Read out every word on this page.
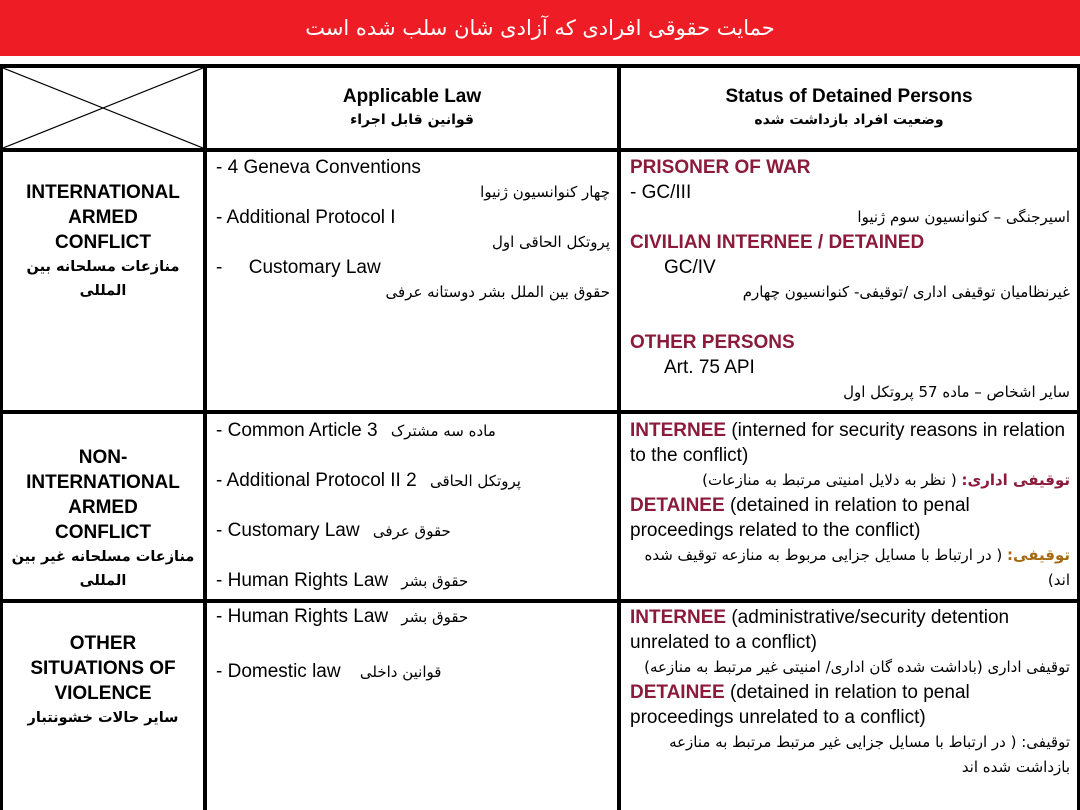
حمایت حقوقی افرادی که آزادی شان سلب شده است
Applicable Law
قوانین قابل اجراء
Status of Detained Persons
وضعیت افراد بازداشت شده
INTERNATIONAL
ARMED
CONFLICT
منازعات مسلحانه بین
المللی
- 4 Geneva Conventions
چهار کنوانسیون ژنیوا
- Additional Protocol I
پروتکل الحاقی اول
-     Customary Law
حقوق بین الملل بشر دوستانه عرفی
PRISONER OF WAR
- GC/III
اسیرجنگی – کنوانسیون سوم ژنیوا
CIVILIAN INTERNEE / DETAINED
GC/IV
غیرنظامیان توقیفی اداری /توقیفی- کنوانسیون چهارم
OTHER PERSONS
Art. 75 API
سایر اشخاص – ماده 57 پروتکل اول
NON-
INTERNATIONAL
ARMED
CONFLICT
منازعات مسلحانه غیر بین
المللی
- Common Article 3 ماده سه مشترک
- Additional Protocol II 2 پروتکل الحاقی
- Customary Law حقوق عرفی
- Human Rights Law حقوق بشر
INTERNEE (interned for security reasons in relation to the conflict)
توقیفی اداری: ( نظر به دلایل امنیتی مرتبط به منازعات)
DETAINEE (detained in relation to penal proceedings related to the conflict)
توقیفی: ( در ارتباط با مسایل جزایی مربوط به منازعه توقیف شده اند)
OTHER
SITUATIONS OF
VIOLENCE
سایر حالات خشونتبار
- Human Rights Law حقوق بشر
- Domestic law قوانین داخلی
INTERNEE (administrative/security detention unrelated to a conflict)
توقیفی اداری (باداشت شده گان اداری/ امنیتی غیر مرتبط به منازعه)
DETAINEE (detained in relation to penal proceedings unrelated to a conflict)
توقیفی: ( در ارتباط با مسایل جزایی غیر مرتبط مرتبط به منازعه بازداشت شده اند
